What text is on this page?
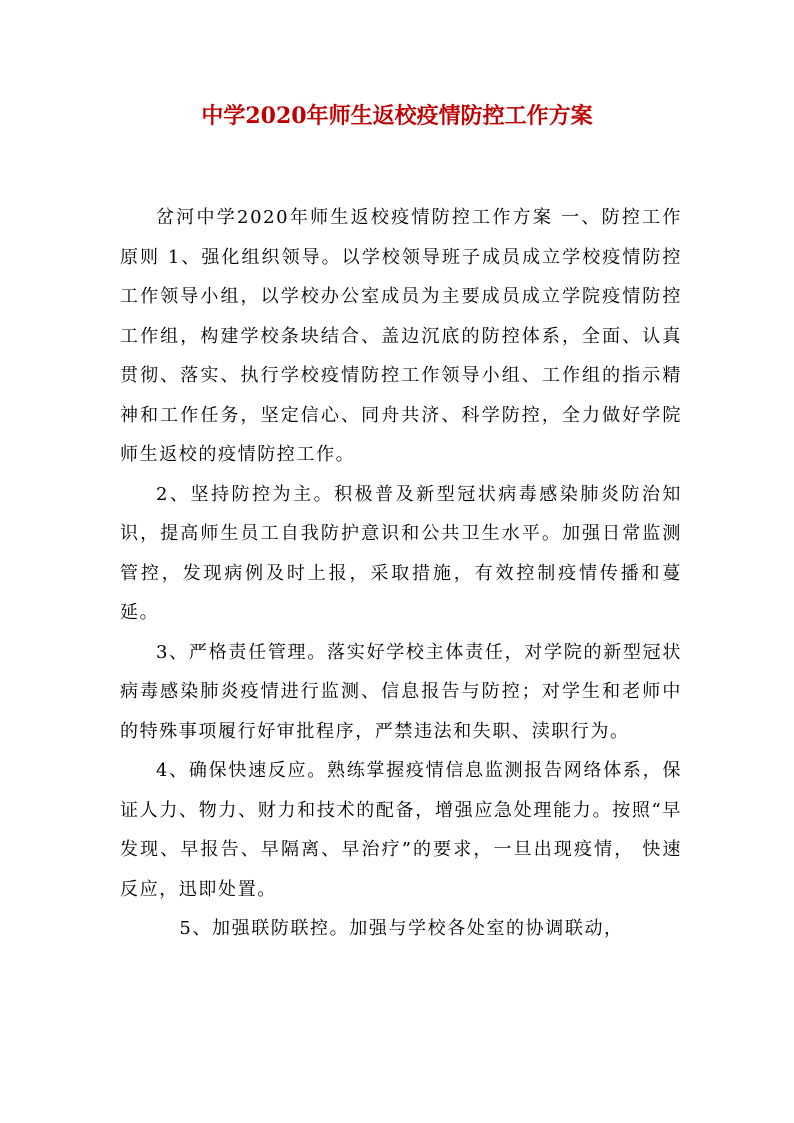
中学2020年师生返校疫情防控工作方案

岔河中学2020年师生返校疫情防控工作方案 一、防控工作原则 1、强化组织领导。以学校领导班子成员成立学校疫情防控工作领导小组，以学校办公室成员为主要成员成立学院疫情防控工作组，构建学校条块结合、盖边沉底的防控体系，全面、认真贯彻、落实、执行学校疫情防控工作领导小组、工作组的指示精神和工作任务，坚定信心、同舟共济、科学防控，全力做好学院师生返校的疫情防控工作。

2、坚持防控为主。积极普及新型冠状病毒感染肺炎防治知识，提高师生员工自我防护意识和公共卫生水平。加强日常监测管控，发现病例及时上报，采取措施，有效控制疫情传播和蔓延。

3、严格责任管理。落实好学校主体责任，对学院的新型冠状病毒感染肺炎疫情进行监测、信息报告与防控；对学生和老师中的特殊事项履行好审批程序，严禁违法和失职、渎职行为。

4、确保快速反应。熟练掌握疫情信息监测报告网络体系，保证人力、物力、财力和技术的配备，增强应急处理能力。按照“早发现、早报告、早隔离、早治疗”的要求，一旦出现疫情， 快速反应，迅即处置。

5、加强联防联控。加强与学校各处室的协调联动，
